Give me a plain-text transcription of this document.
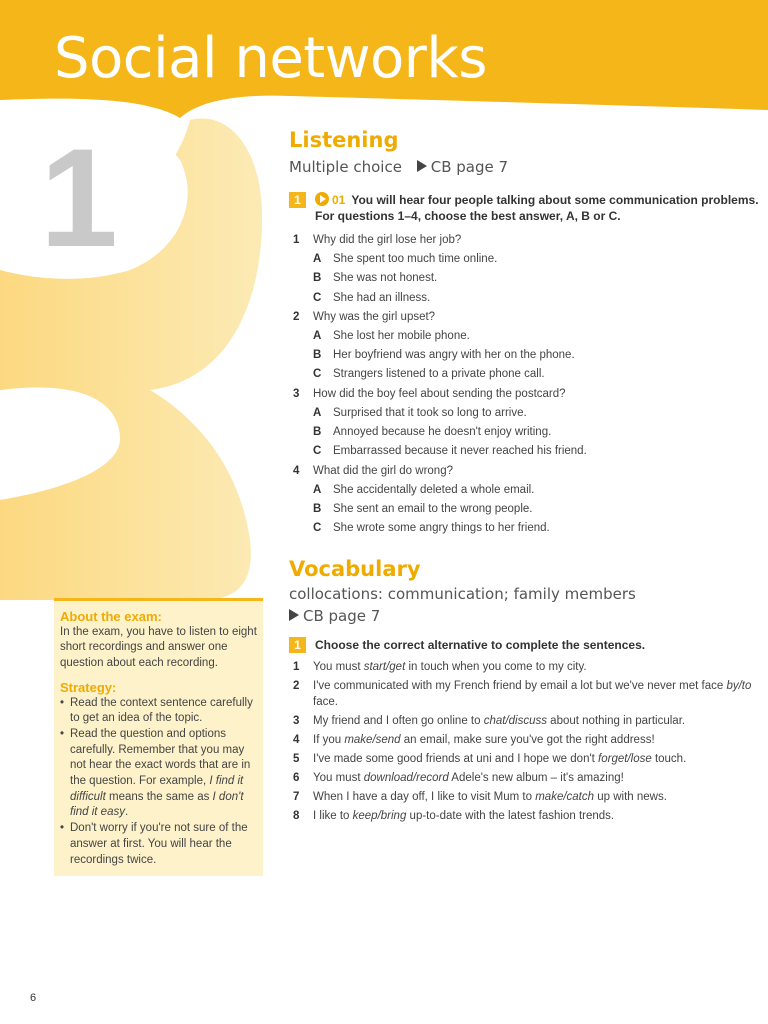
Social networks
1	Listening
Multiple choice CB page 7
1	01 You will hear four people talking about some communication problems. For questions 1–4, choose the best answer, A, B or C.
1 Why did the girl lose her job?
A She spent too much time online.
B She was not honest.
C She had an illness.
2 Why was the girl upset?
A She lost her mobile phone.
B Her boyfriend was angry with her on the phone.
C Strangers listened to a private phone call.
3 How did the boy feel about sending the postcard?
A Surprised that it took so long to arrive.
B Annoyed because he doesn't enjoy writing.
C Embarrassed because it never reached his friend.
4 What did the girl do wrong?
A She accidentally deleted a whole email.
B She sent an email to the wrong people.
C She wrote some angry things to her friend.
Vocabulary
collocations: communication; family members
CB page 7
1	Choose the correct alternative to complete the sentences.
1 You must start/get in touch when you come to my city.
2 I've communicated with my French friend by email a lot but we've never met face by/to face.
3 My friend and I often go online to chat/discuss about nothing in particular.
4 If you make/send an email, make sure you've got the right address!
5 I've made some good friends at uni and I hope we don't forget/lose touch.
6 You must download/record Adele's new album – it's amazing!
7 When I have a day off, I like to visit Mum to make/catch up with news.
8 I like to keep/bring up-to-date with the latest fashion trends.
About the exam:
In the exam, you have to listen to eight short recordings and answer one question about each recording.
Strategy:
• Read the context sentence carefully to get an idea of the topic.
• Read the question and options carefully. Remember that you may not hear the exact words that are in the question. For example, I find it difficult means the same as I don't find it easy.
• Don't worry if you're not sure of the answer at first. You will hear the recordings twice.
6
